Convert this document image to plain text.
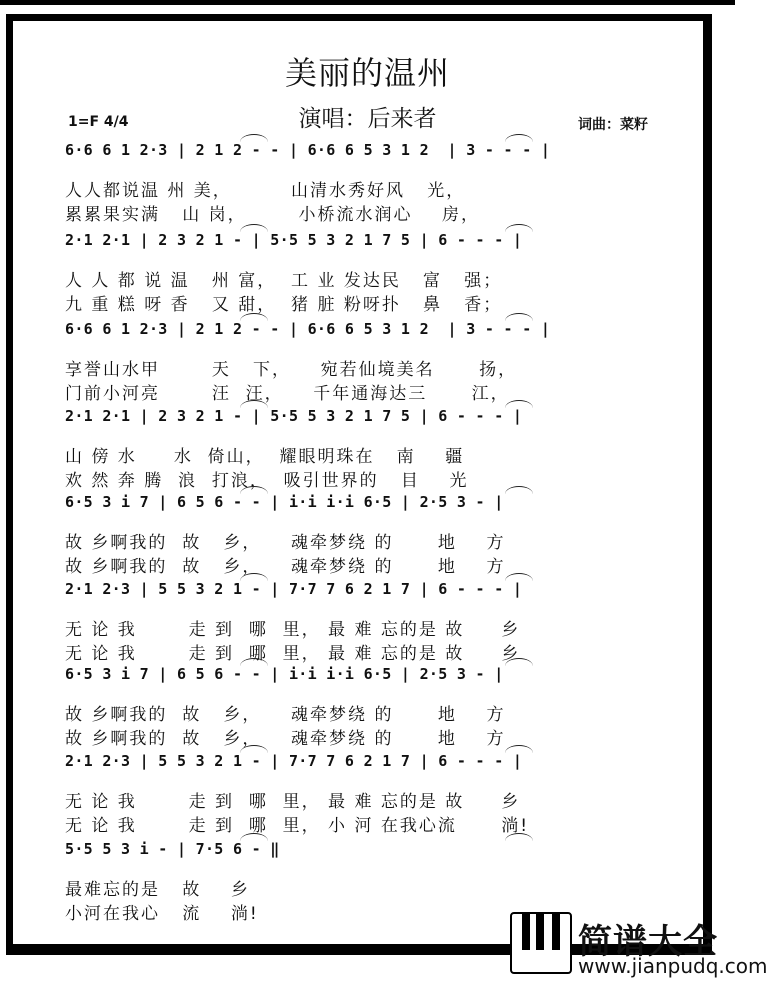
美丽的温州
演唱：后来者
1=F 4/4	词曲：菜籽
6·6 6 1 2·3 | 2 1 2 - - | 6·6 6 5 3 1 2  | 3 - - - |
人人都说温 州 美，        山清水秀好风   光，
累累果实满   山 岗，       小桥流水润心    房，
2·1 2·1 | 2 3 2 1 - | 5·5 5 3 2 1 7 5 | 6 - - - |
人 人 都 说 温   州 富，  工 业 发达民   富   强；
九 重 糕 呀 香   又 甜，  猪 脏 粉呀扑   鼻   香；
6·6 6 1 2·3 | 2 1 2 - - | 6·6 6 5 3 1 2  | 3 - - - |
享誉山水甲       天   下，    宛若仙境美名      扬，
门前小河亮       汪  汪，    千年通海达三      江，
2·1 2·1 | 2 3 2 1 - | 5·5 5 3 2 1 7 5 | 6 - - - |
山 傍 水     水  倚山，  耀眼明珠在   南    疆
欢 然 奔 腾  浪  打浪，  吸引世界的   目    光
6·5 3 i 7 | 6 5 6 - - | i·i i·i 6·5 | 2·5 3 - |
故 乡啊我的  故   乡，    魂牵梦绕 的      地    方
故 乡啊我的  故   乡，    魂牵梦绕 的      地    方
2·1 2·3 | 5 5 3 2 1 - | 7·7 7 6 2 1 7 | 6 - - - |
无 论 我       走 到  哪  里， 最 难 忘的是 故     乡
无 论 我       走 到  哪  里， 最 难 忘的是 故     乡
6·5 3 i 7 | 6 5 6 - - | i·i i·i 6·5 | 2·5 3 - |
故 乡啊我的  故   乡，    魂牵梦绕 的      地    方
故 乡啊我的  故   乡，    魂牵梦绕 的      地    方
2·1 2·3 | 5 5 3 2 1 - | 7·7 7 6 2 1 7 | 6 - - - |
无 论 我       走 到  哪  里， 最 难 忘的是 故     乡
无 论 我       走 到  哪  里， 小 河 在我心流      淌!
5·5 5 3 i - | 7·5 6 - ‖
最难忘的是   故    乡
小河在我心   流    淌!
简谱大全
www.jianpudq.com
